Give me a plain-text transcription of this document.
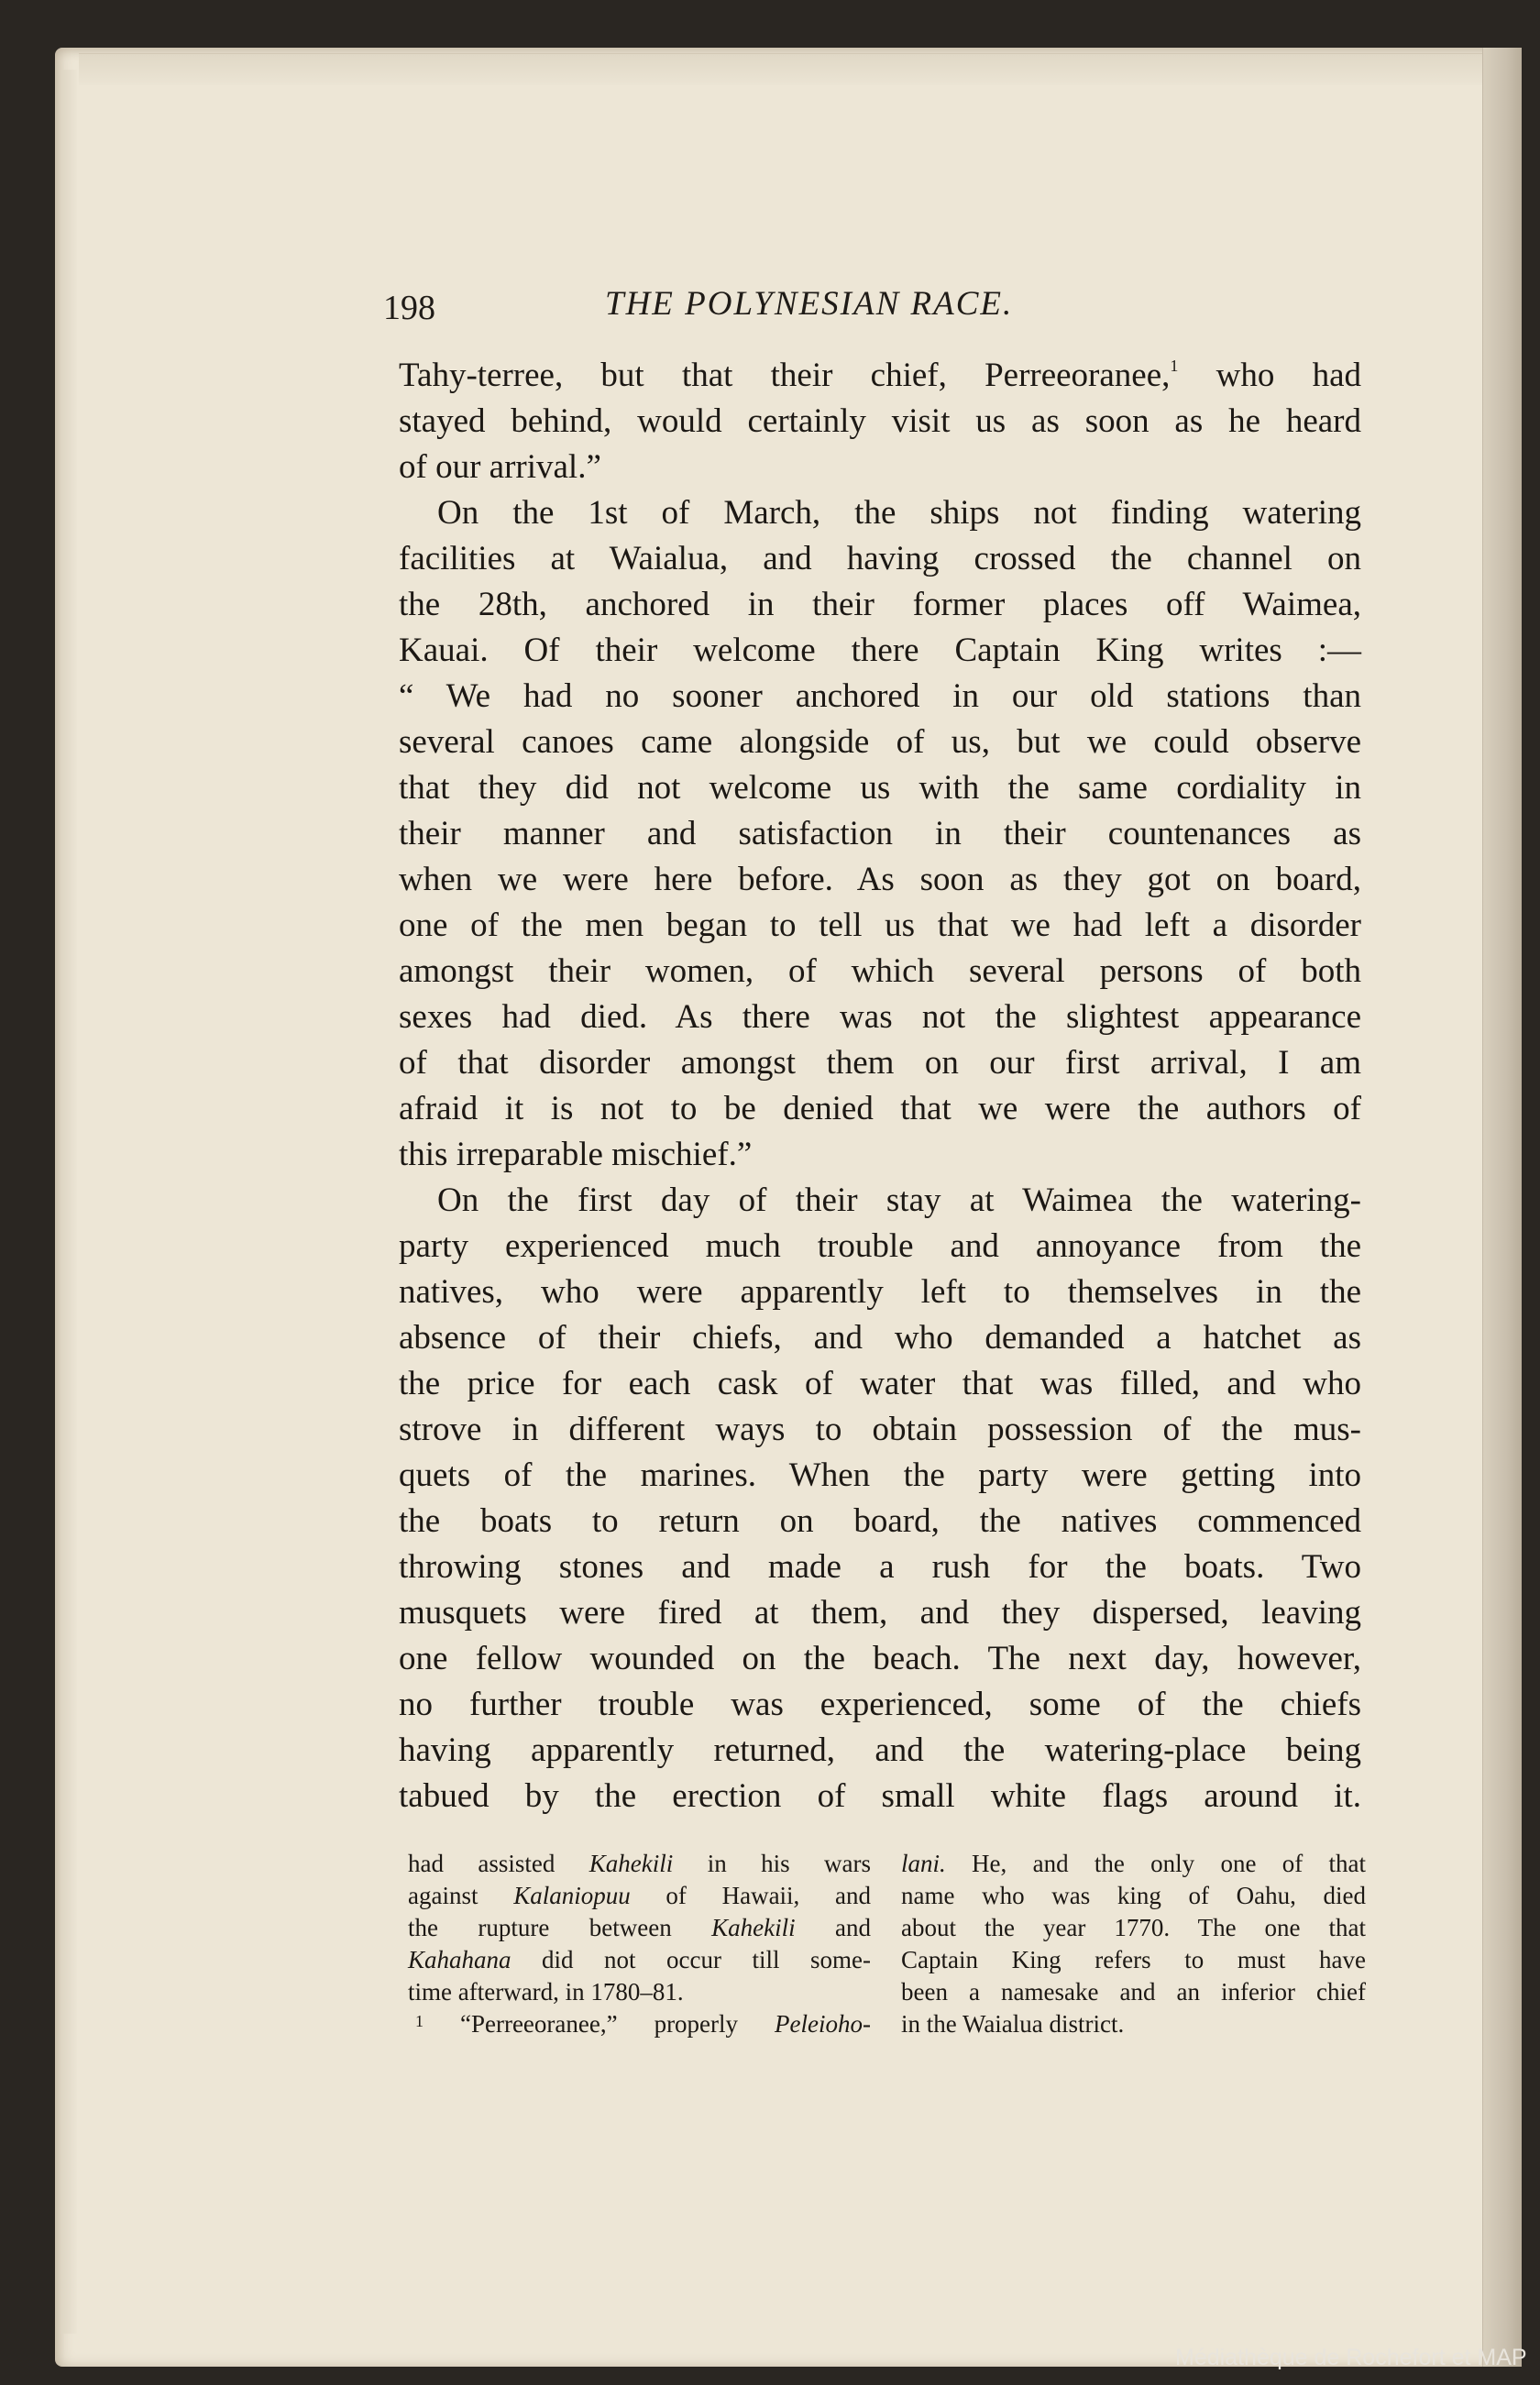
198	THE POLYNESIAN RACE.
Tahy-terree, but that their chief, Perreeoranee,$^1$ who had
stayed behind, would certainly visit us as soon as he heard
of our arrival.”
On the 1st of March, the ships not finding watering
facilities at Waialua, and having crossed the channel on
the 28th, anchored in their former places off Waimea,
Kauai. Of their welcome there Captain King writes :—
“ We had no sooner anchored in our old stations than
several canoes came alongside of us, but we could observe
that they did not welcome us with the same cordiality in
their manner and satisfaction in their countenances as
when we were here before. As soon as they got on board,
one of the men began to tell us that we had left a disorder
amongst their women, of which several persons of both
sexes had died. As there was not the slightest appearance
of that disorder amongst them on our first arrival, I am
afraid it is not to be denied that we were the authors of
this irreparable mischief.”
On the first day of their stay at Waimea the watering-
party experienced much trouble and annoyance from the
natives, who were apparently left to themselves in the
absence of their chiefs, and who demanded a hatchet as
the price for each cask of water that was filled, and who
strove in different ways to obtain possession of the mus-
quets of the marines. When the party were getting into
the boats to return on board, the natives commenced
throwing stones and made a rush for the boats. Two
musquets were fired at them, and they dispersed, leaving
one fellow wounded on the beach. The next day, however,
no further trouble was experienced, some of the chiefs
having apparently returned, and the watering-place being
tabued by the erection of small white flags around it.
had assisted Kahekili in his wars
against Kalaniopuu of Hawaii, and
the rupture between Kahekili and
Kahahana did not occur till some-
time afterward, in 1780–81.
$^1$ “Perreeoranee,” properly Peleioho-
lani. He, and the only one of that
name who was king of Oahu, died
about the year 1770. The one that
Captain King refers to must have
been a namesake and an inferior chief
in the Waialua district.
Médiathèque de Rochefort et MAP
